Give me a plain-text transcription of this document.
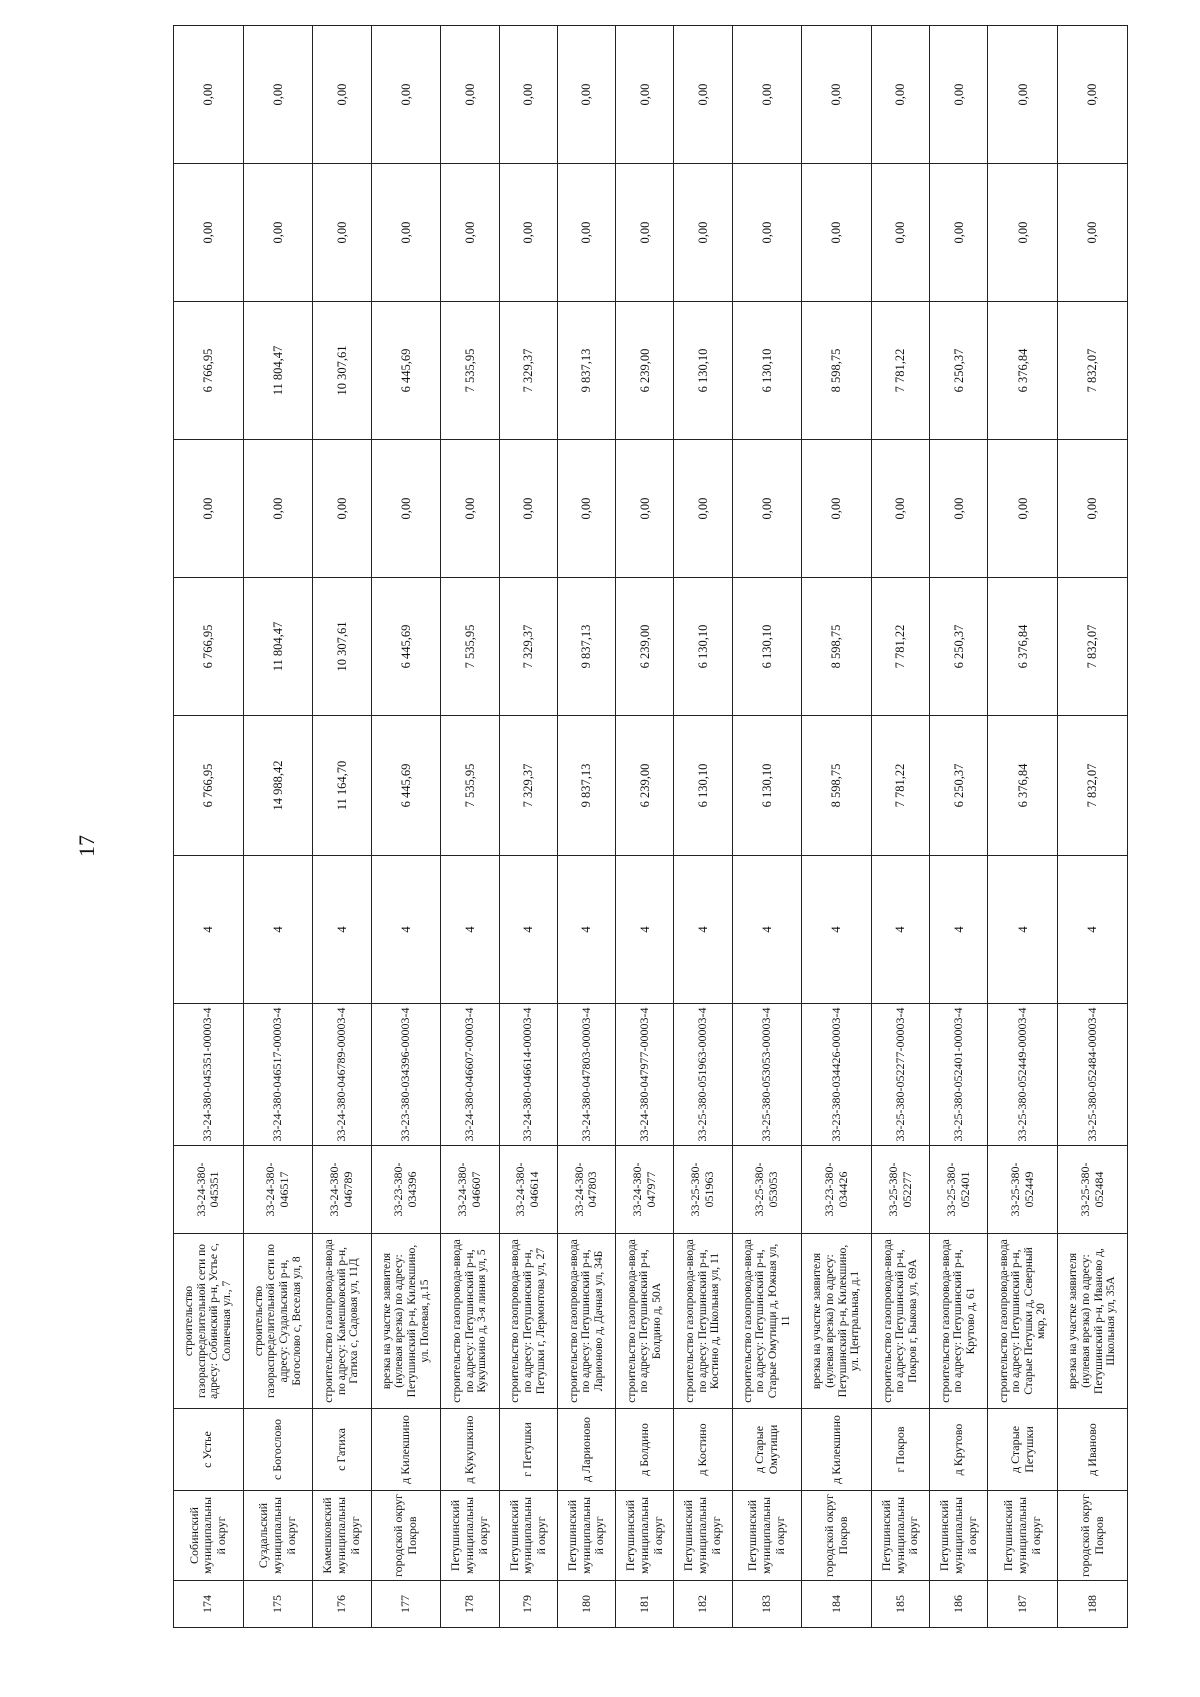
17
174	Собинский муниципальный округ	с Устье	строительство газораспределительной сети по адресу: Собинский р-н, Устье с, Солнечная ул., 7	33-24-380-045351	33-24-380-045351-00003-4	4	6 766,95	6 766,95	0,00	6 766,95	0,00	0,00
175	Суздальский муниципальный округ	с Богослово	строительство газораспределительной сети по адресу: Суздальский р-н, Богослово с, Веселая ул, 8	33-24-380-046517	33-24-380-046517-00003-4	4	14 988,42	11 804,47	0,00	11 804,47	0,00	0,00
176	Камешковский муниципальный округ	с Гатиха	строительство газопровода-ввода по адресу: Камешковский р-н, Гатиха с, Садовая ул, 11Д	33-24-380-046789	33-24-380-046789-00003-4	4	11 164,70	10 307,61	0,00	10 307,61	0,00	0,00
177	городской округ Покров	д Килекшино	врезка на участке заявителя (нулевая врезка) по адресу: Петушинский р-н, Килекшино, ул. Полевая, д.15	33-23-380-034396	33-23-380-034396-00003-4	4	6 445,69	6 445,69	0,00	6 445,69	0,00	0,00
178	Петушинский муниципальный округ	д Кукушкино	строительство газопровода-ввода по адресу: Петушинский р-н, Кукушкино д, 3-я линия ул, 5	33-24-380-046607	33-24-380-046607-00003-4	4	7 535,95	7 535,95	0,00	7 535,95	0,00	0,00
179	Петушинский муниципальный округ	г Петушки	строительство газопровода-ввода по адресу: Петушинский р-н, Петушки г, Лермонтова ул, 27	33-24-380-046614	33-24-380-046614-00003-4	4	7 329,37	7 329,37	0,00	7 329,37	0,00	0,00
180	Петушинский муниципальный округ	д Ларионово	строительство газопровода-ввода по адресу: Петушинский р-н, Ларионово д, Дачная ул, 34Б	33-24-380-047803	33-24-380-047803-00003-4	4	9 837,13	9 837,13	0,00	9 837,13	0,00	0,00
181	Петушинский муниципальный округ	д Болдино	строительство газопровода-ввода по адресу: Петушинский р-н, Болдино д, 50А	33-24-380-047977	33-24-380-047977-00003-4	4	6 239,00	6 239,00	0,00	6 239,00	0,00	0,00
182	Петушинский муниципальный округ	д Костино	строительство газопровода-ввода по адресу: Петушинский р-н, Костино д, Школьная ул, 11	33-25-380-051963	33-25-380-051963-00003-4	4	6 130,10	6 130,10	0,00	6 130,10	0,00	0,00
183	Петушинский муниципальный округ	д Старые Омутищи	строительство газопровода-ввода по адресу: Петушинский р-н, Старые Омутищи д, Южная ул, 11	33-25-380-053053	33-25-380-053053-00003-4	4	6 130,10	6 130,10	0,00	6 130,10	0,00	0,00
184	городской округ Покров	д Килекшино	врезка на участке заявителя (нулевая врезка) по адресу: Петушинский р-н, Килекшино, ул. Центральная, д.1	33-23-380-034426	33-23-380-034426-00003-4	4	8 598,75	8 598,75	0,00	8 598,75	0,00	0,00
185	Петушинский муниципальный округ	г Покров	строительство газопровода-ввода по адресу: Петушинский р-н, Покров г, Быкова ул, 69А	33-25-380-052277	33-25-380-052277-00003-4	4	7 781,22	7 781,22	0,00	7 781,22	0,00	0,00
186	Петушинский муниципальный округ	д Крутово	строительство газопровода-ввода по адресу: Петушинский р-н, Крутово д, 61	33-25-380-052401	33-25-380-052401-00003-4	4	6 250,37	6 250,37	0,00	6 250,37	0,00	0,00
187	Петушинский муниципальный округ	д Старые Петушки	строительство газопровода-ввода по адресу: Петушинский р-н, Старые Петушки д, Северный мкр, 20	33-25-380-052449	33-25-380-052449-00003-4	4	6 376,84	6 376,84	0,00	6 376,84	0,00	0,00
188	городской округ Покров	д Иваново	врезка на участке заявителя (нулевая врезка) по адресу: Петушинский р-н, Иваново д, Школьная ул, 35А	33-25-380-052484	33-25-380-052484-00003-4	4	7 832,07	7 832,07	0,00	7 832,07	0,00	0,00
